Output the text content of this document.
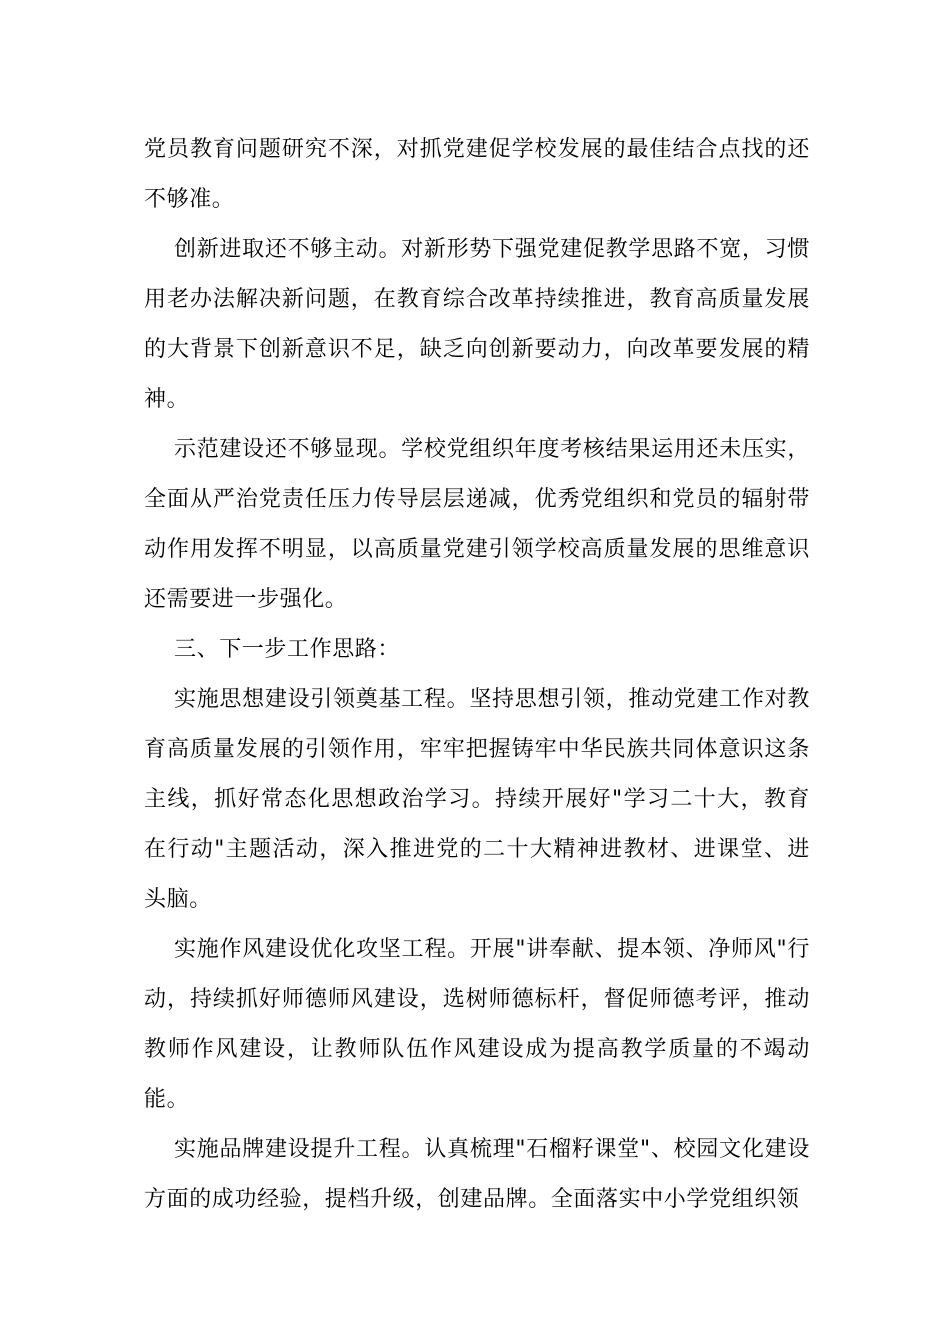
党员教育问题研究不深，对抓党建促学校发展的最佳结合点找的还不够准。

创新进取还不够主动。对新形势下强党建促教学思路不宽，习惯用老办法解决新问题，在教育综合改革持续推进，教育高质量发展的大背景下创新意识不足，缺乏向创新要动力，向改革要发展的精神。

示范建设还不够显现。学校党组织年度考核结果运用还未压实，全面从严治党责任压力传导层层递减，优秀党组织和党员的辐射带动作用发挥不明显，以高质量党建引领学校高质量发展的思维意识还需要进一步强化。

三、下一步工作思路：

实施思想建设引领奠基工程。坚持思想引领，推动党建工作对教育高质量发展的引领作用，牢牢把握铸牢中华民族共同体意识这条主线，抓好常态化思想政治学习。持续开展好"学习二十大，教育在行动"主题活动，深入推进党的二十大精神进教材、进课堂、进头脑。

实施作风建设优化攻坚工程。开展"讲奉献、提本领、净师风"行动，持续抓好师德师风建设，选树师德标杆，督促师德考评，推动教师作风建设，让教师队伍作风建设成为提高教学质量的不竭动能。

实施品牌建设提升工程。认真梳理"石榴籽课堂"、校园文化建设方面的成功经验，提档升级，创建品牌。全面落实中小学党组织领
